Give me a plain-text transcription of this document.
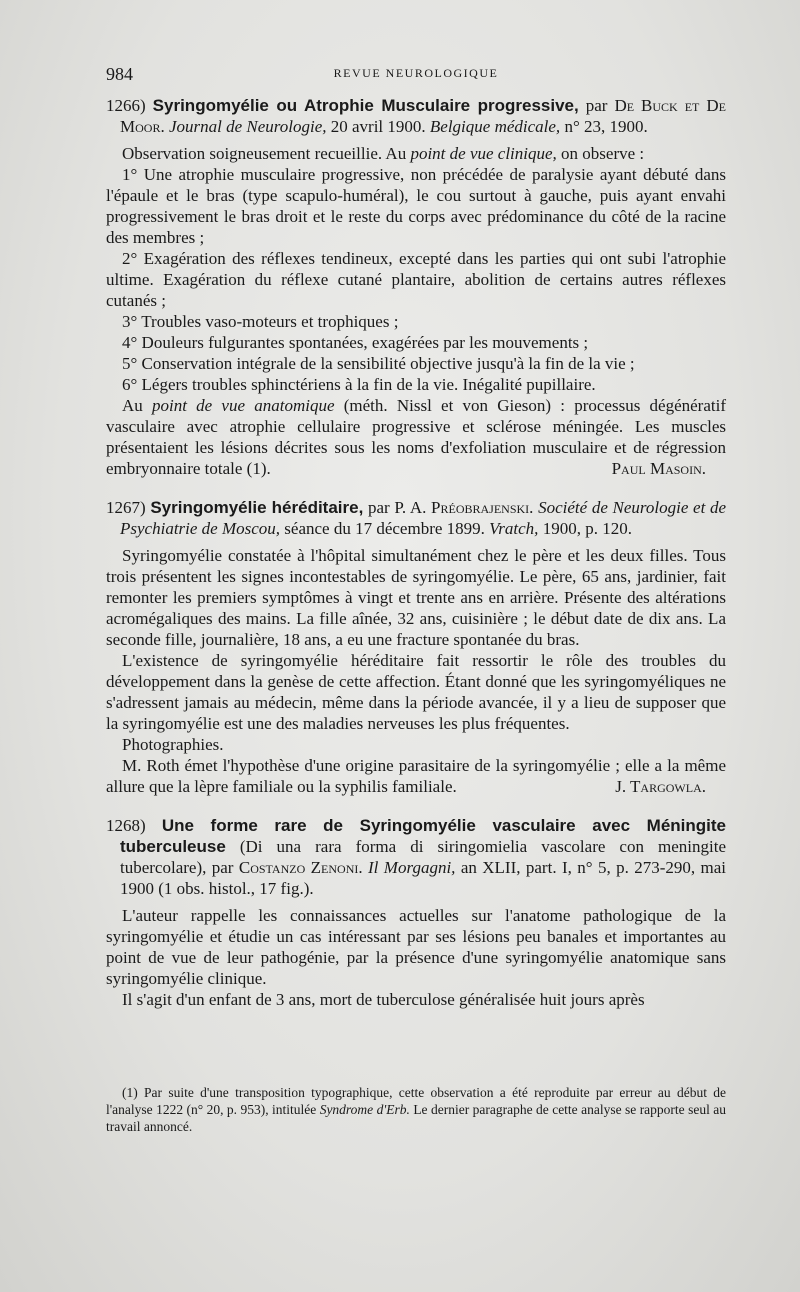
984	REVUE NEUROLOGIQUE

1266) Syringomyélie ou Atrophie Musculaire progressive, par De Buck et De Moor. Journal de Neurologie, 20 avril 1900. Belgique médicale, n° 23, 1900.

Observation soigneusement recueillie. Au point de vue clinique, on observe :

1° Une atrophie musculaire progressive, non précédée de paralysie ayant débuté dans l'épaule et le bras (type scapulo-huméral), le cou surtout à gauche, puis ayant envahi progressivement le bras droit et le reste du corps avec prédominance du côté de la racine des membres ;

2° Exagération des réflexes tendineux, excepté dans les parties qui ont subi l'atrophie ultime. Exagération du réflexe cutané plantaire, abolition de certains autres réflexes cutanés ;

3° Troubles vaso-moteurs et trophiques ;

4° Douleurs fulgurantes spontanées, exagérées par les mouvements ;

5° Conservation intégrale de la sensibilité objective jusqu'à la fin de la vie ;

6° Légers troubles sphinctériens à la fin de la vie. Inégalité pupillaire.

Au point de vue anatomique (méth. Nissl et von Gieson) : processus dégénératif vasculaire avec atrophie cellulaire progressive et sclérose méningée. Les muscles présentaient les lésions décrites sous les noms d'exfoliation musculaire et de régression embryonnaire totale (1).	Paul Masoin.

1267) Syringomyélie héréditaire, par P. A. Préobrajenski. Société de Neurologie et de Psychiatrie de Moscou, séance du 17 décembre 1899. Vratch, 1900, p. 120.

Syringomyélie constatée à l'hôpital simultanément chez le père et les deux filles. Tous trois présentent les signes incontestables de syringomyélie. Le père, 65 ans, jardinier, fait remonter les premiers symptômes à vingt et trente ans en arrière. Présente des altérations acromégaliques des mains. La fille aînée, 32 ans, cuisinière ; le début date de dix ans. La seconde fille, journalière, 18 ans, a eu une fracture spontanée du bras.

L'existence de syringomyélie héréditaire fait ressortir le rôle des troubles du développement dans la genèse de cette affection. Étant donné que les syringomyéliques ne s'adressent jamais au médecin, même dans la période avancée, il y a lieu de supposer que la syringomyélie est une des maladies nerveuses les plus fréquentes.

Photographies.

M. Roth émet l'hypothèse d'une origine parasitaire de la syringomyélie ; elle a la même allure que la lèpre familiale ou la syphilis familiale.	J. Targowla.

1268) Une forme rare de Syringomyélie vasculaire avec Méningite tuberculeuse (Di una rara forma di siringomielia vascolare con meningite tubercolare), par Costanzo Zenoni. Il Morgagni, an XLII, part. I, n° 5, p. 273-290, mai 1900 (1 obs. histol., 17 fig.).

L'auteur rappelle les connaissances actuelles sur l'anatome pathologique de la syringomyélie et étudie un cas intéressant par ses lésions peu banales et importantes au point de vue de leur pathogénie, par la présence d'une syringomyélie anatomique sans syringomyélie clinique.

Il s'agit d'un enfant de 3 ans, mort de tuberculose généralisée huit jours après

(1) Par suite d'une transposition typographique, cette observation a été reproduite par erreur au début de l'analyse 1222 (n° 20, p. 953), intitulée Syndrome d'Erb. Le dernier paragraphe de cette analyse se rapporte seul au travail annoncé.
